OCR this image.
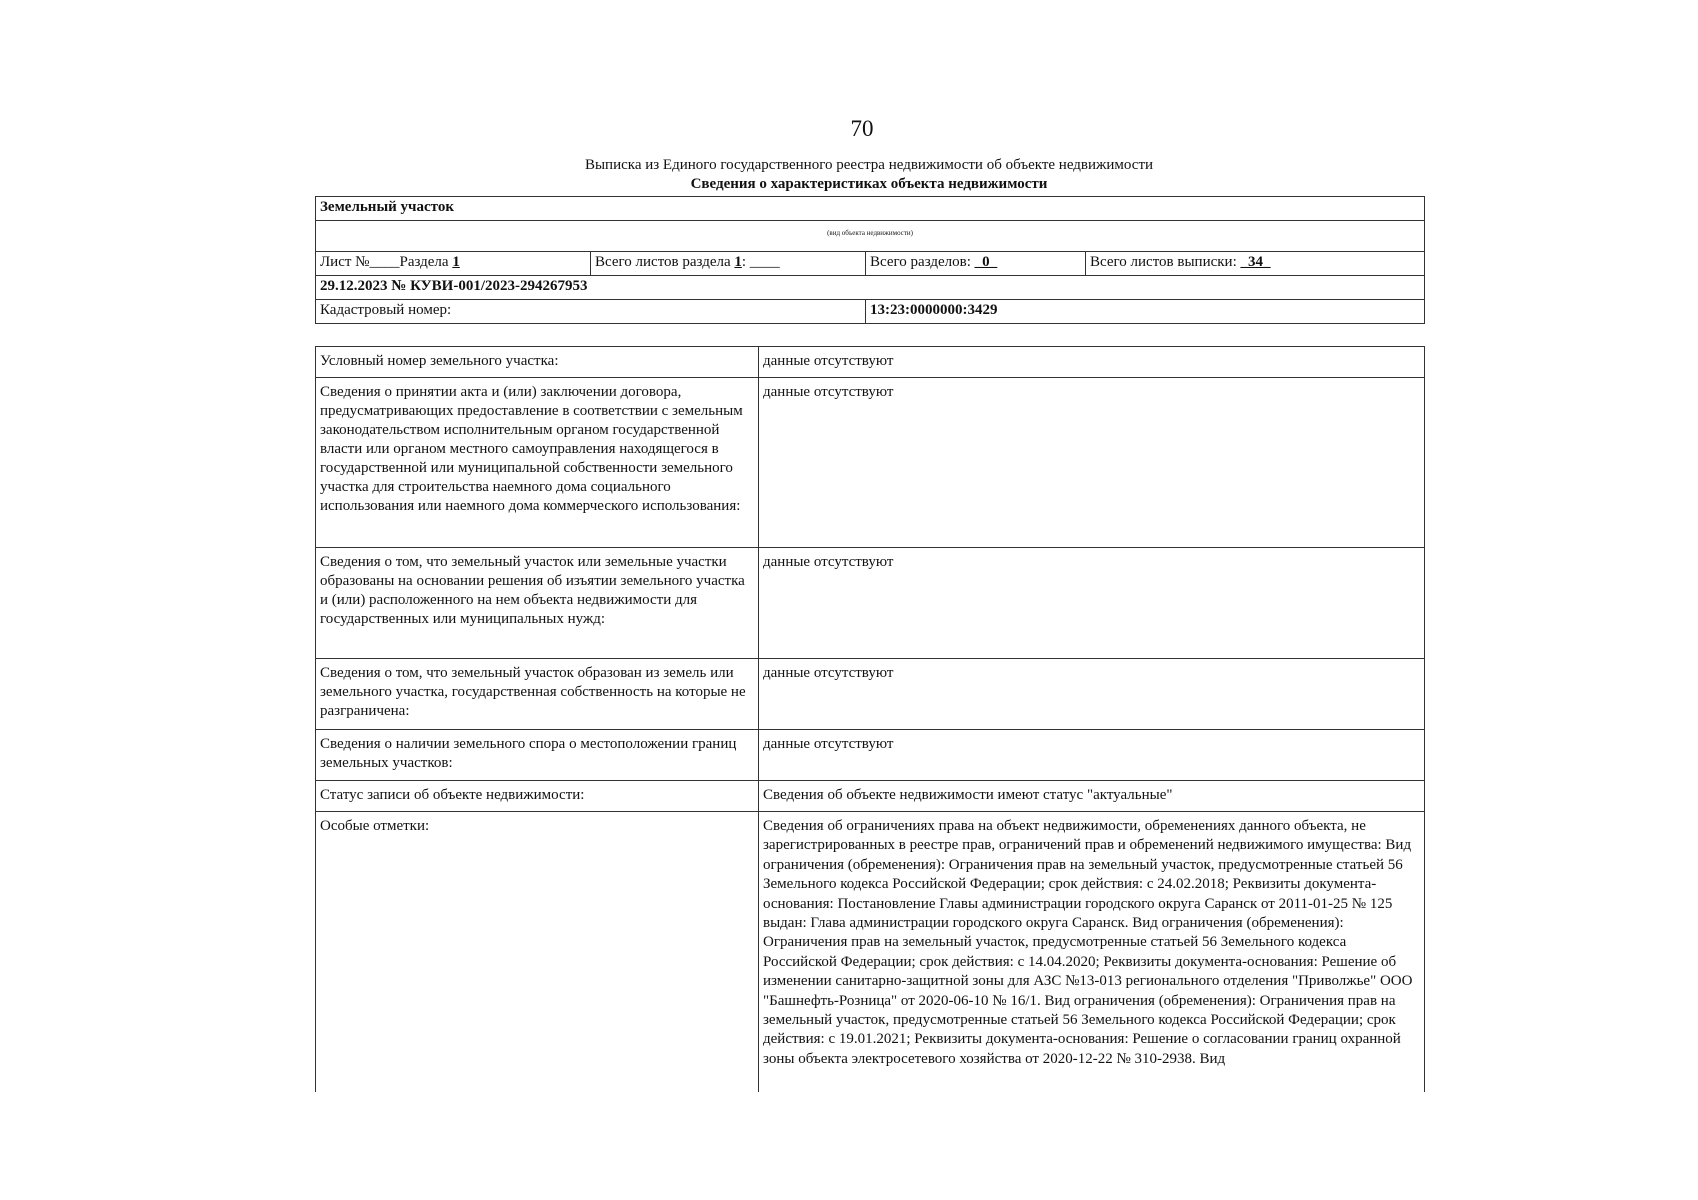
70
Выписка из Единого государственного реестра недвижимости об объекте недвижимости
Сведения о характеристиках объекта недвижимости
Земельный участок			
(вид объекта недвижимости)			
Лист №____Раздела 1	Всего листов раздела 1: ____	Всего разделов: _0_	Всего листов выписки: _34_
29.12.2023 № КУВИ-001/2023-294267953			
Кадастровый номер:		13:23:0000000:3429	
Условный номер земельного участка:	данные отсутствуют
Сведения о принятии акта и (или) заключении договора, предусматривающих предоставление в соответствии с земельным законодательством исполнительным органом государственной власти или органом местного самоуправления находящегося в государственной или муниципальной собственности земельного участка для строительства наемного дома социального использования или наемного дома коммерческого использования:	данные отсутствуют
Сведения о том, что земельный участок или земельные участки образованы на основании решения об изъятии земельного участка и (или) расположенного на нем объекта недвижимости для государственных или муниципальных нужд:	данные отсутствуют
Сведения о том, что земельный участок образован из земель или земельного участка, государственная собственность на которые не разграничена:	данные отсутствуют
Сведения о наличии земельного спора о местоположении границ земельных участков:	данные отсутствуют
Статус записи об объекте недвижимости:	Сведения об объекте недвижимости имеют статус "актуальные"
Особые отметки:	Сведения об ограничениях права на объект недвижимости, обременениях данного объекта, не зарегистрированных в реестре прав, ограничений прав и обременений недвижимого имущества: Вид ограничения (обременения): Ограничения прав на земельный участок, предусмотренные статьей 56 Земельного кодекса Российской Федерации; срок действия: с 24.02.2018; Реквизиты документа-основания: Постановление Главы администрации городского округа Саранск от 2011-01-25 № 125 выдан: Глава администрации городского округа Саранск. Вид ограничения (обременения): Ограничения прав на земельный участок, предусмотренные статьей 56 Земельного кодекса Российской Федерации; срок действия: с 14.04.2020; Реквизиты документа-основания: Решение об изменении санитарно-защитной зоны для АЗС №13-013 регионального отделения "Приволжье" ООО "Башнефть-Розница" от 2020-06-10 № 16/1. Вид ограничения (обременения): Ограничения прав на земельный участок, предусмотренные статьей 56 Земельного кодекса Российской Федерации; срок действия: с 19.01.2021; Реквизиты документа-основания: Решение о согласовании границ охранной зоны объекта электросетевого хозяйства от 2020-12-22 № 310-2938. Вид
